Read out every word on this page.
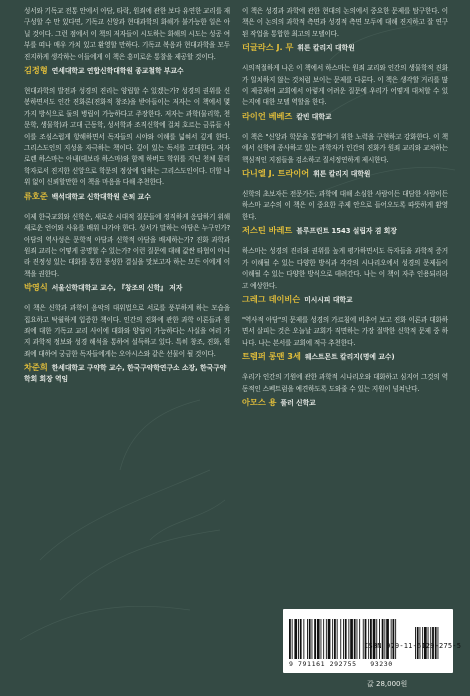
성서와 기독교 전통 안에서 아담, 타락, 원죄에 관한 보다 유연한 교리를 재구성할 수 만 있다면, 기독교 신앙과 현대과학의 화해가 불가능한 일은 아닐 것이다. 그런 점에서 이 책의 저자들이 시도하는 화해의 시도는 성공 여부를 떠나 매우 가치 있고 환영할 만하다. 기독교 복음과 현대과학을 모두 진지하게 생각하는 이들에게 이 책은 흥미로운 통찰을 제공할 것이다.

김정형 연세대학교 연합신학대학원 종교철학 부교수

현대과학의 발전과 성경의 진리는 양립할 수 있겠는가? 성경의 권위를 신봉하면서도 인간 진화론(진화적 창조)을 받아들이는 저자는 이 책에서 몇 가지 방식으로 둘의 병립이 가능하다고 주장한다. 저자는 과학(물리학, 천문학, 생물학)과 고대 근동학, 성서학과 조직신학에 걸쳐 호르는 금류들 사이를 조심스럽게 항해하면서 독자들의 시야와 이해를 넓혀서 깊게 한다. 그리스도인의 지성을 자극하는 책이다. 깊이 있는 독서를 고대한다. 저자 로렌 하스마는 아내(데보라 하스마)와 함께 하버드 학위를 지닌 천체 물리학자로서 진지한 신앙으로 학문의 정상에 임하는 그리스도인이다. 더할 나위 없이 신뢰할만한 이 책을 마음을 다해 추천한다.

류호준 백석대학교 신학대학원 은퇴 교수

이제 한국교회와 신학은, 새로운 시대적 질문들에 정직하게 응답하기 위해 새로운 언어와 사유를 배워 나가야 한다. 성서가 말하는 아담은 누구인가? 아담의 역사성은 문학적 아담과 신학적 아담을 배제하는가? 진화 과학과 원죄 교리는 어떻게 공명할 수 있는가? 이런 질문에 대해 값싼 타협이 아니라 진정성 있는 대화를 통한 풍성한 결실을 맛보고자 하는 모든 이에게 이 책을 권한다.

박영식 서울신학대학교 교수, 『창조의 신학』 저자

이 책은 신학과 과학이 음악의 대위법으로 서로를 풍부하게 하는 모습을 집요하고 탁월하게 입증한 책이다. 인간의 진화에 관한 과학 이론들과 원죄에 대한 기독교 교리 사이에 대화와 양립이 가능하다는 사실을 여러 가지 과학적 정보와 성경 해석을 통하여 설득하고 있다. 특히 창조, 진화, 원죄에 대하여 궁금한 독자들에게는 오아시스와 같은 선물이 될 것이다.

차준희 한세대학교 구약학 교수, 한국구약학연구소 소장, 한국구약학회 회장 역임

이 책은 성경과 과학에 관한 현대의 논의에서 중요한 문제를 탐구한다. 이 책은 이 논의의 과학적 측면과 성경적 측면 모두에 대해 진지하고 잘 연구된 작업을 통합한 최고의 모델이다.

더글라스 J. 무 휘튼 칼리지 대학원

시의적절하게 나온 이 책에서 하스마는 원죄 교리와 인간의 생물학적 진화가 일치하지 않는 것처럼 보이는 문제를 다룬다. 이 책은 생각할 거리를 많이 제공하며 교회에서 아렇게 어려운 질문에 우리가 어떻게 대처할 수 있는지에 대한 모델 역할을 한다.

라이언 베베즈 칼빈 대학교

이 책은 "신앙과 학문을 통합"하기 위한 노력을 구현하고 강화한다. 이 책에서 신학에 종사하고 있는 과학자가 인간의 진화가 원죄 교리와 교차하는 핵심적인 지점들을 검소하고 질서정연하게 제시한다.

다니엘 J. 트라이어 휘튼 칼리지 대학원

신학의 초보자든 전문가든, 과학에 대해 소심한 사람이든 대담한 사람이든 하스마 교수의 이 책은 이 중요한 주제 안으로 들어오도록 따뜻하게 환영한다.

저스틴 바레트 블루프린트 1543 설립자 겸 회장

하스마는 성경의 진리와 권위를 높게 평가하면서도 독자들을 과학적 증거가 이해될 수 있는 다양한 방식과 각각의 시나리오에서 성경의 문제들이 이해될 수 있는 다양한 방식으로 데려간다. 나는 이 책이 자주 인용되리라고 예상한다.

그레그 데이비슨 미시시피 대학교

"역사적 아담"의 문제를 성경의 가르침에 비추어 보고 진화 이론과 대화하면서 살피는 것은 오늘날 교회가 직면하는 가장 절박한 신학적 문제 중 하나다. 나는 본서를 교회에 적극 추천한다.

트렘퍼 롱맨 3세 웨스트몬트 칼리지(명예 교수)

우리가 인간의 기원에 관한 과학적 시나리오와 대화하고 심지어 그것의 역동적인 스펙트럼을 예견하도록 도와줄 수 있는 지원이 넘쳐난다.

아모스 용 풀러 신학교
9 791161 292755 93230
ISBN 979-11-6129-275-5
값 28,000원
